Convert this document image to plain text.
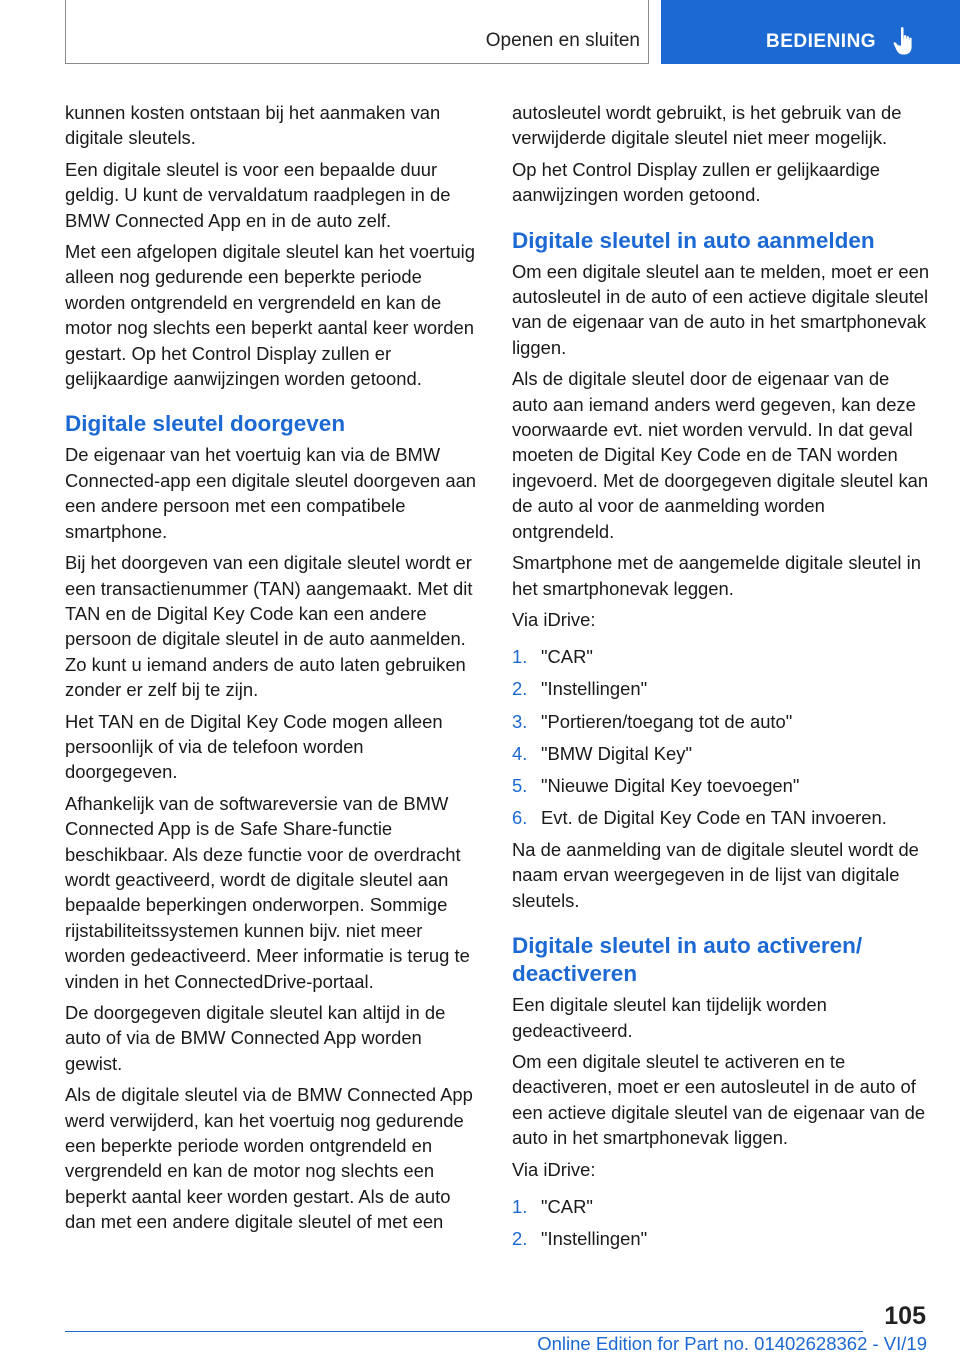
Openen en sluiten	BEDIENING

kunnen kosten ontstaan bij het aanmaken van digitale sleutels.

Een digitale sleutel is voor een bepaalde duur geldig. U kunt de vervaldatum raadplegen in de BMW Connected App en in de auto zelf.

Met een afgelopen digitale sleutel kan het voertuig alleen nog gedurende een beperkte periode worden ontgrendeld en vergrendeld en kan de motor nog slechts een beperkt aantal keer worden gestart. Op het Control Display zullen er gelijkaardige aanwijzingen worden getoond.

Digitale sleutel doorgeven

De eigenaar van het voertuig kan via de BMW Connected-app een digitale sleutel doorgeven aan een andere persoon met een compatibele smartphone.

Bij het doorgeven van een digitale sleutel wordt er een transactienummer (TAN) aangemaakt. Met dit TAN en de Digital Key Code kan een andere persoon de digitale sleutel in de auto aanmelden. Zo kunt u iemand anders de auto laten gebruiken zonder er zelf bij te zijn.

Het TAN en de Digital Key Code mogen alleen persoonlijk of via de telefoon worden doorgegeven.

Afhankelijk van de softwareversie van de BMW Connected App is de Safe Share-functie beschikbaar. Als deze functie voor de overdracht wordt geactiveerd, wordt de digitale sleutel aan bepaalde beperkingen onderworpen. Sommige rijstabiliteitssystemen kunnen bijv. niet meer worden gedeactiveerd. Meer informatie is terug te vinden in het ConnectedDrive-portaal.

De doorgegeven digitale sleutel kan altijd in de auto of via de BMW Connected App worden gewist.

Als de digitale sleutel via de BMW Connected App werd verwijderd, kan het voertuig nog gedurende een beperkte periode worden ontgrendeld en vergrendeld en kan de motor nog slechts een beperkt aantal keer worden gestart. Als de auto dan met een andere digitale sleutel of met een

autosleutel wordt gebruikt, is het gebruik van de verwijderde digitale sleutel niet meer mogelijk.

Op het Control Display zullen er gelijkaardige aanwijzingen worden getoond.

Digitale sleutel in auto aanmelden

Om een digitale sleutel aan te melden, moet er een autosleutel in de auto of een actieve digitale sleutel van de eigenaar van de auto in het smartphonevak liggen.

Als de digitale sleutel door de eigenaar van de auto aan iemand anders werd gegeven, kan deze voorwaarde evt. niet worden vervuld. In dat geval moeten de Digital Key Code en de TAN worden ingevoerd. Met de doorgegeven digitale sleutel kan de auto al voor de aanmelding worden ontgrendeld.

Smartphone met de aangemelde digitale sleutel in het smartphonevak leggen.

Via iDrive:

1. "CAR"
2. "Instellingen"
3. "Portieren/toegang tot de auto"
4. "BMW Digital Key"
5. "Nieuwe Digital Key toevoegen"
6. Evt. de Digital Key Code en TAN invoeren.

Na de aanmelding van de digitale sleutel wordt de naam ervan weergegeven in de lijst van digitale sleutels.

Digitale sleutel in auto activeren/ deactiveren

Een digitale sleutel kan tijdelijk worden gedeactiveerd.

Om een digitale sleutel te activeren en te deactiveren, moet er een autosleutel in de auto of een actieve digitale sleutel van de eigenaar van de auto in het smartphonevak liggen.

Via iDrive:

1. "CAR"
2. "Instellingen"
105
Online Edition for Part no. 01402628362 - VI/19
